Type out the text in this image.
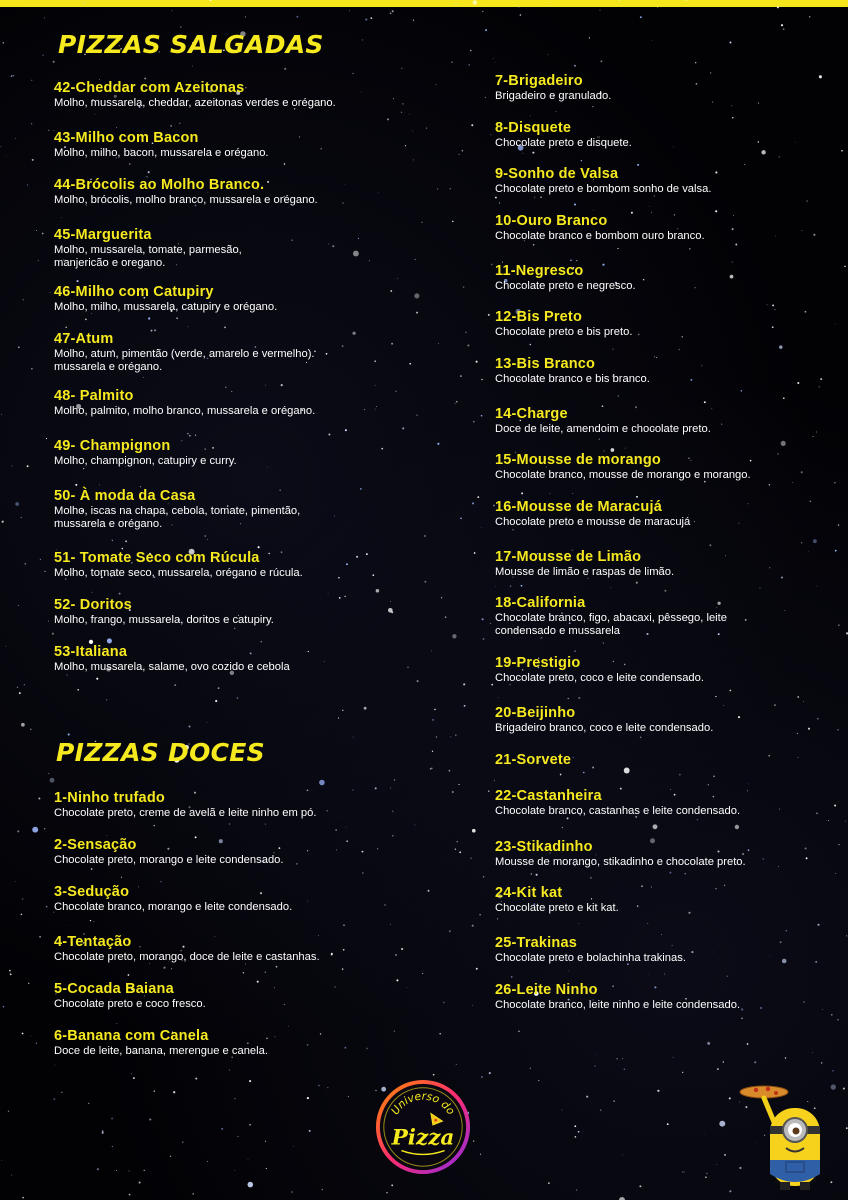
PIZZAS SALGADAS
42-Cheddar com Azeitonas
Molho, mussarela, cheddar, azeitonas verdes e orégano.
43-Milho com Bacon
Molho, milho, bacon, mussarela e orégano.
44-Brócolis ao Molho Branco.
Molho, brócolis, molho branco, mussarela e orégano.
45-Marguerita
Molho, mussarela, tomate, parmesão, manjericão e oregano.
46-Milho com Catupiry
Molho, milho, mussarela, catupiry e orégano.
47-Atum
Molho, atum, pimentão (verde, amarelo e vermelho). mussarela e orégano.
48- Palmito
Molho, palmito, molho branco, mussarela e orégano.
49- Champignon
Molho, champignon, catupiry e curry.
50- À moda da Casa
Molho, iscas na chapa, cebola, tomate, pimentão, mussarela e orégano.
51- Tomate Seco com Rúcula
Molho, tomate seco, mussarela, orégano e rúcula.
52- Doritos
Molho, frango, mussarela, doritos e catupiry.
53-Italiana
Molho, mussarela, salame, ovo cozido e cebola
PIZZAS DOCES
1-Ninho trufado
Chocolate preto, creme de avelã e leite ninho em pó.
2-Sensação
Chocolate preto, morango e leite condensado.
3-Sedução
Chocolate branco, morango e leite condensado.
4-Tentação
Chocolate preto, morango, doce de leite e castanhas.
5-Cocada Baiana
Chocolate preto e coco fresco.
6-Banana com Canela
Doce de leite, banana, merengue e canela.
7-Brigadeiro
Brigadeiro e granulado.
8-Disquete
Chocolate preto e disquete.
9-Sonho de Valsa
Chocolate preto e bombom sonho de valsa.
10-Ouro Branco
Chocolate branco e bombom ouro branco.
11-Negresco
Chocolate preto e negresco.
12-Bis Preto
Chocolate preto e bis preto.
13-Bis Branco
Chocolate branco e bis branco.
14-Charge
Doce de leite, amendoim e chocolate preto.
15-Mousse de morango
Chocolate branco, mousse de morango e morango.
16-Mousse de Maracujá
Chocolate preto e mousse de maracujá
17-Mousse de Limão
Mousse de limão e raspas de limão.
18-California
Chocolate branco, figo, abacaxi, pêssego, leite condensado e mussarela
19-Prestigio
Chocolate preto, coco e leite condensado.
20-Beijinho
Brigadeiro branco, coco e leite condensado.
21-Sorvete
22-Castanheira
Chocolate branco, castanhas e leite condensado.
23-Stikadinho
Mousse de morango, stikadinho e chocolate preto.
24-Kit kat
Chocolate preto e kit kat.
25-Trakinas
Chocolate preto e bolachinha trakinas.
26-Leite Ninho
Chocolate branco, leite ninho e leite condensado.
Universo do
Pizza
